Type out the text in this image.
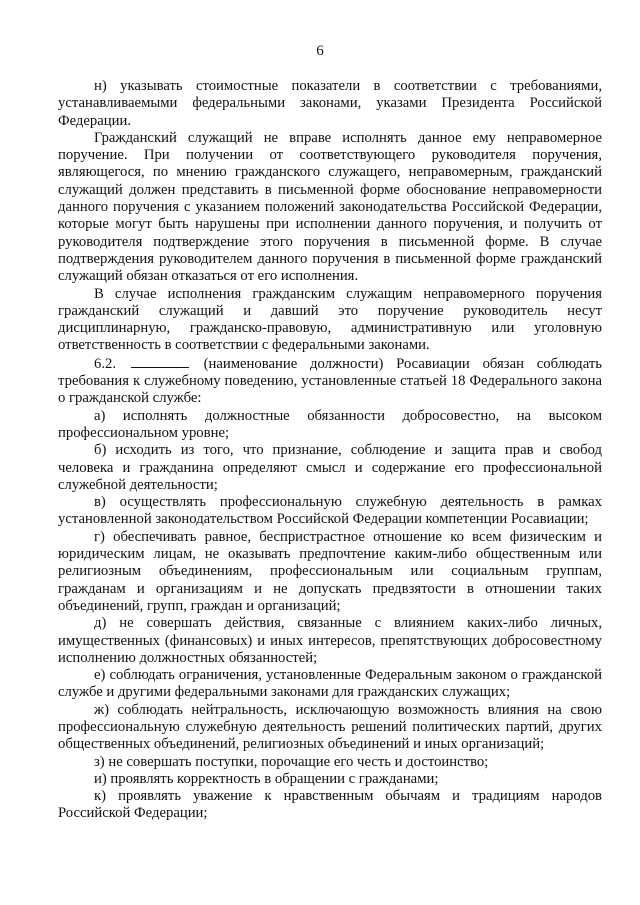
6

н) указывать стоимостные показатели в соответствии с требованиями, устанавливаемыми федеральными законами, указами Президента Российской Федерации.

Гражданский служащий не вправе исполнять данное ему неправомерное поручение. При получении от соответствующего руководителя поручения, являющегося, по мнению гражданского служащего, неправомерным, гражданский служащий должен представить в письменной форме обоснование неправомерности данного поручения с указанием положений законодательства Российской Федерации, которые могут быть нарушены при исполнении данного поручения, и получить от руководителя подтверждение этого поручения в письменной форме. В случае подтверждения руководителем данного поручения в письменной форме гражданский служащий обязан отказаться от его исполнения.

В случае исполнения гражданским служащим неправомерного поручения гражданский служащий и давший это поручение руководитель несут дисциплинарную, гражданско-правовую, административную или уголовную ответственность в соответствии с федеральными законами.

6.2.	(наименование должности) Росавиации обязан соблюдать требования к служебному поведению, установленные статьей 18 Федерального закона о гражданской службе:

а) исполнять должностные обязанности добросовестно, на высоком профессиональном уровне;

б) исходить из того, что признание, соблюдение и защита прав и свобод человека и гражданина определяют смысл и содержание его профессиональной служебной деятельности;

в) осуществлять профессиональную служебную деятельность в рамках установленной законодательством Российской Федерации компетенции Росавиации;

г) обеспечивать равное, беспристрастное отношение ко всем физическим и юридическим лицам, не оказывать предпочтение каким-либо общественным или религиозным объединениям, профессиональным или социальным группам, гражданам и организациям и не допускать предвзятости в отношении таких объединений, групп, граждан и организаций;

д) не совершать действия, связанные с влиянием каких-либо личных, имущественных (финансовых) и иных интересов, препятствующих добросовестному исполнению должностных обязанностей;

е) соблюдать ограничения, установленные Федеральным законом о гражданской службе и другими федеральными законами для гражданских служащих;

ж) соблюдать нейтральность, исключающую возможность влияния на свою профессиональную служебную деятельность решений политических партий, других общественных объединений, религиозных объединений и иных организаций;

з) не совершать поступки, порочащие его честь и достоинство;

и) проявлять корректность в обращении с гражданами;

к) проявлять уважение к нравственным обычаям и традициям народов Российской Федерации;
